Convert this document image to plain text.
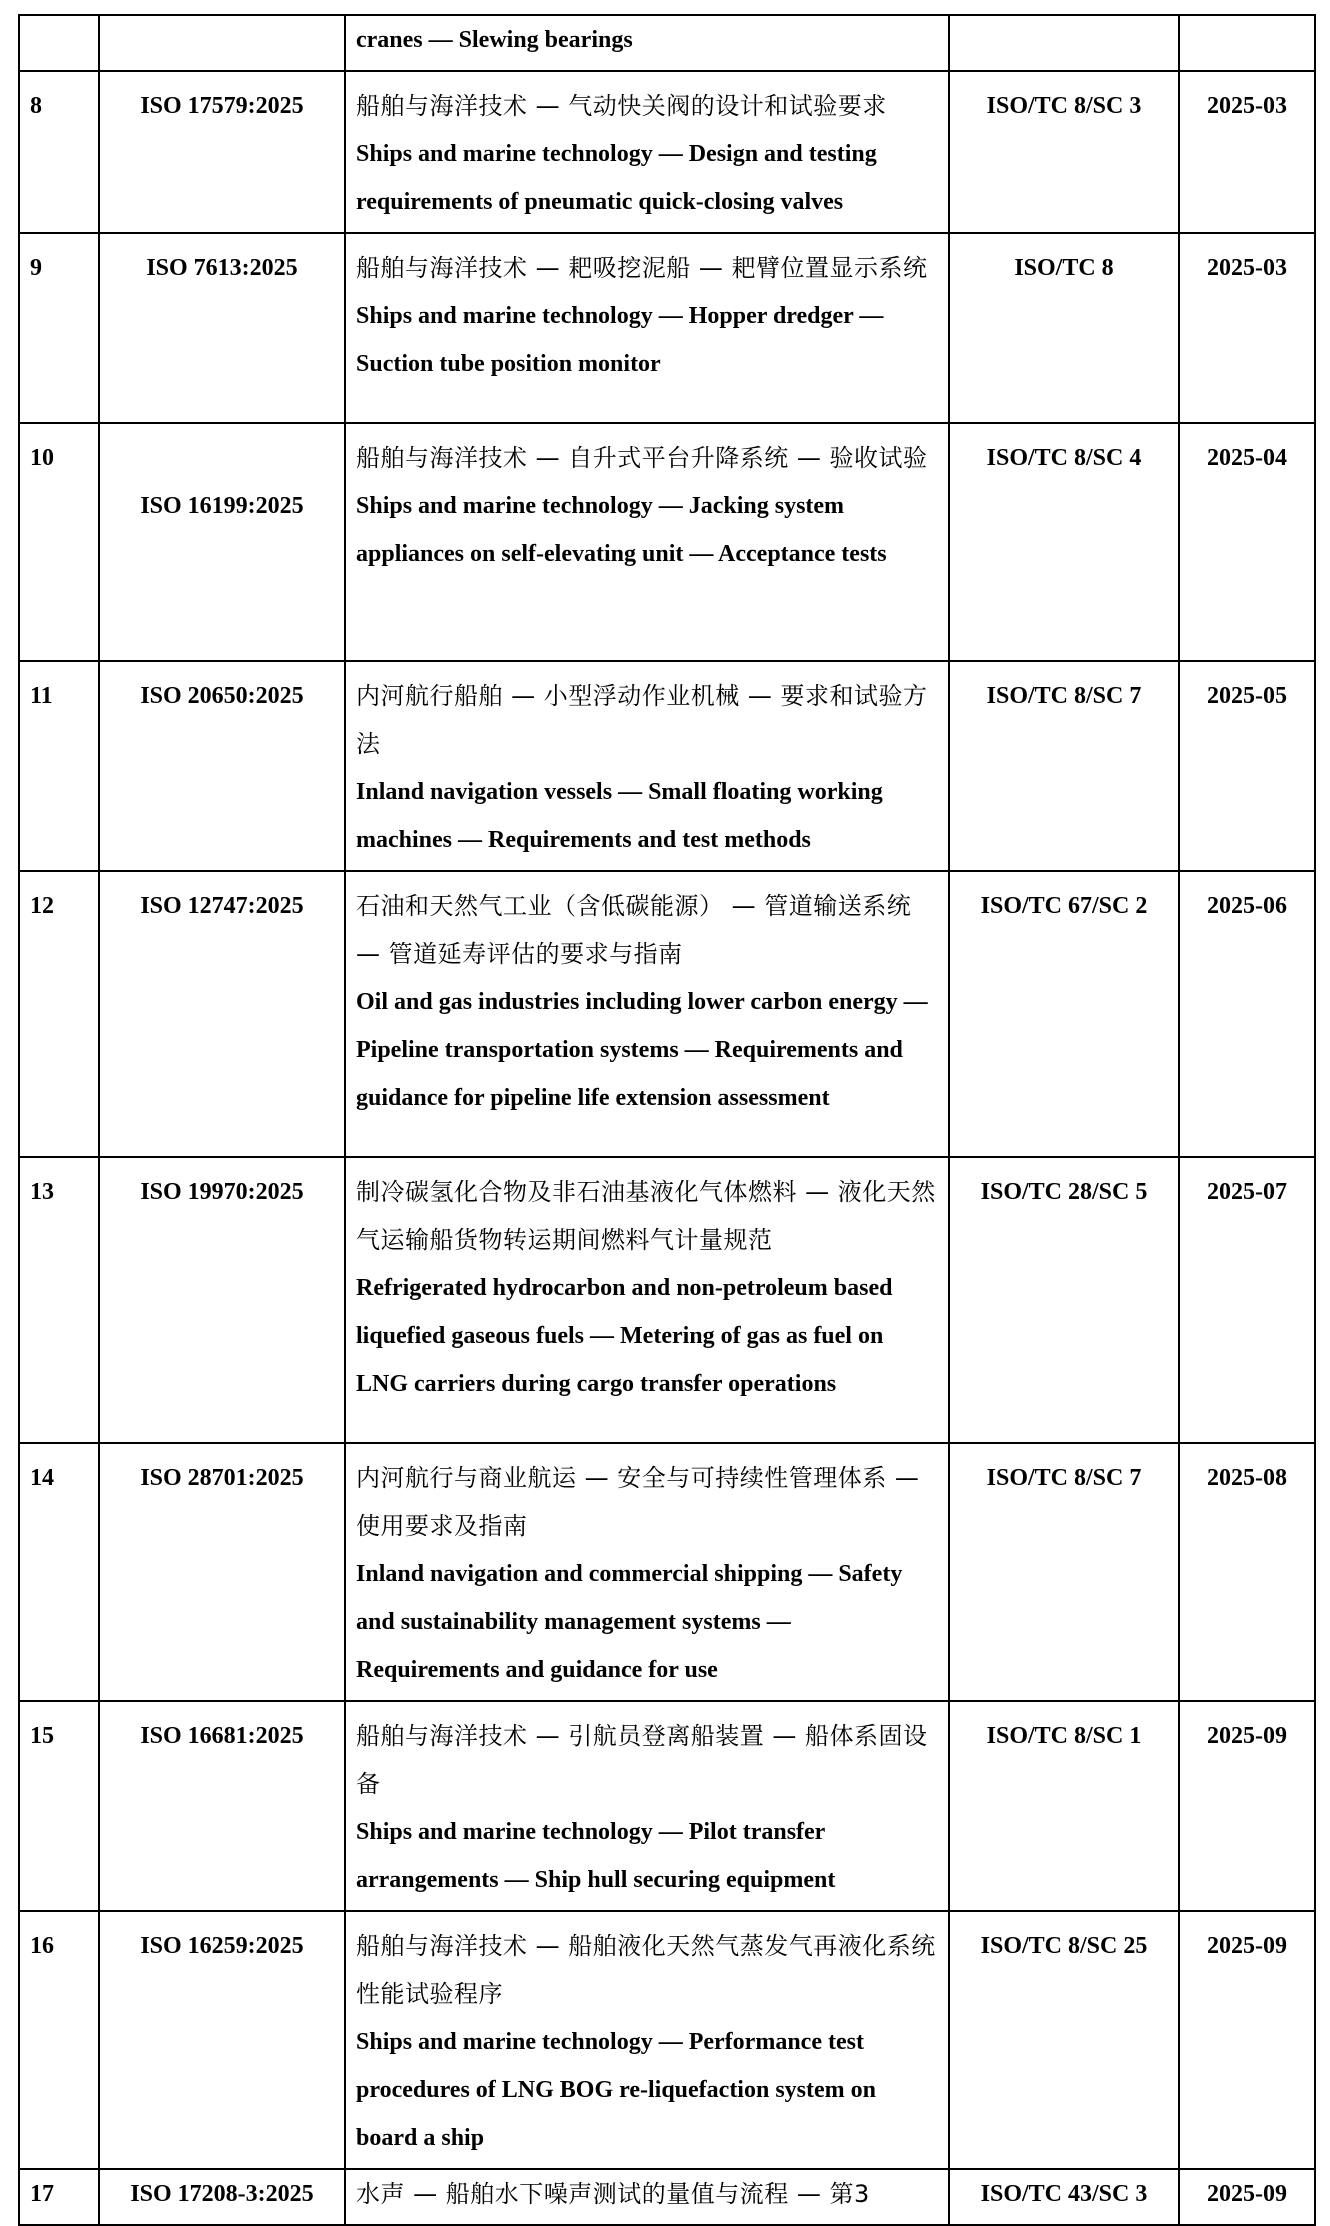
		cranes — Slewing bearings		

8	ISO 17579:2025	船舶与海洋技术 — 气动快关阀的设计和试验要求
Ships and marine technology — Design and testing requirements of pneumatic quick-closing valves	ISO/TC 8/SC 3	2025-03
9	ISO 7613:2025	船舶与海洋技术 — 耙吸挖泥船 — 耙臂位置显示系统
Ships and marine technology — Hopper dredger — Suction tube position monitor	ISO/TC 8	2025-03
10	ISO 16199:2025	船舶与海洋技术 — 自升式平台升降系统 — 验收试验
Ships and marine technology — Jacking system appliances on self-elevating unit — Acceptance tests	ISO/TC 8/SC 4	2025-04
11	ISO 20650:2025	内河航行船舶 — 小型浮动作业机械 — 要求和试验方法
Inland navigation vessels — Small floating working machines — Requirements and test methods	ISO/TC 8/SC 7	2025-05
12	ISO 12747:2025	石油和天然气工业（含低碳能源） — 管道输送系统 — 管道延寿评估的要求与指南
Oil and gas industries including lower carbon energy — Pipeline transportation systems — Requirements and guidance for pipeline life extension assessment	ISO/TC 67/SC 2	2025-06
13	ISO 19970:2025	制冷碳氢化合物及非石油基液化气体燃料 — 液化天然气运输船货物转运期间燃料气计量规范
Refrigerated hydrocarbon and non-petroleum based liquefied gaseous fuels — Metering of gas as fuel on LNG carriers during cargo transfer operations	ISO/TC 28/SC 5	2025-07
14	ISO 28701:2025	内河航行与商业航运 — 安全与可持续性管理体系 — 使用要求及指南
Inland navigation and commercial shipping — Safety and sustainability management systems — Requirements and guidance for use	ISO/TC 8/SC 7	2025-08
15	ISO 16681:2025	船舶与海洋技术 — 引航员登离船装置 — 船体系固设备
Ships and marine technology — Pilot transfer arrangements — Ship hull securing equipment	ISO/TC 8/SC 1	2025-09
16	ISO 16259:2025	船舶与海洋技术 — 船舶液化天然气蒸发气再液化系统性能试验程序
Ships and marine technology — Performance test procedures of LNG BOG re-liquefaction system on board a ship	ISO/TC 8/SC 25	2025-09
17	ISO 17208-3:2025	水声 — 船舶水下噪声测试的量值与流程 — 第3	ISO/TC 43/SC 3	2025-09
